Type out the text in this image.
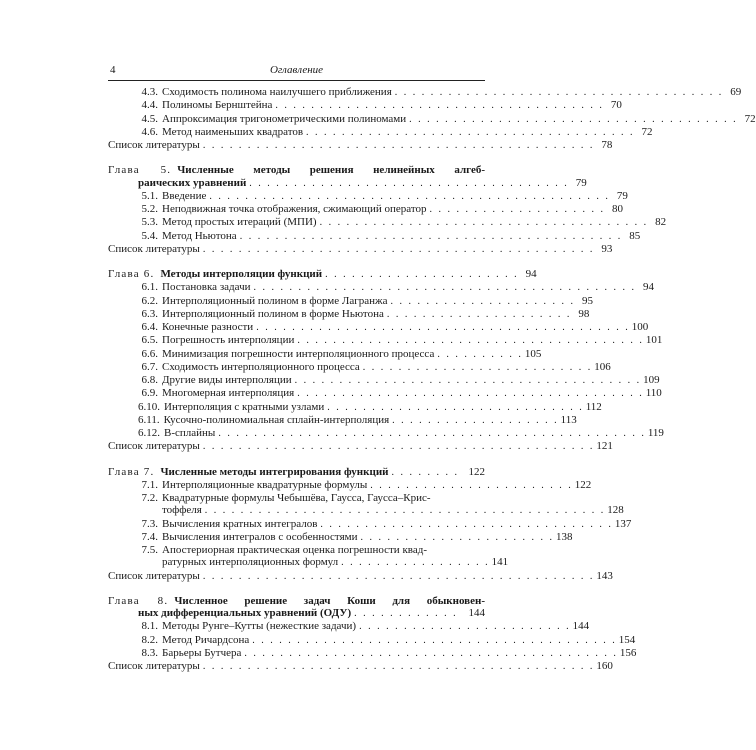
4	Оглавление
4.3. Сходимость полинома наилучшего приближения . . . . . . . . . . . . . . . . . . . . . . . . . . . . . . . . . . . . . 69
4.4. Полиномы Бернштейна . . . . . . . . . . . . . . . . . . . . . . . . . . . . . . . . . . . . . 70
4.5. Аппроксимация тригонометрическими полиномами . . . . . . . . . . . . . . . . . . . . . . . . . . . . . . . . . . . . . 72
4.6. Метод наименьших квадратов . . . . . . . . . . . . . . . . . . . . . . . . . . . . . . . . . . . . . 72
Список литературы . . . . . . . . . . . . . . . . . . . . . . . . . . . . . . . . . . . . . . . . . . . . 78
Глава 5. Численные методы решения нелинейных алгеб-
раических уравнений . . . . . . . . . . . . . . . . . . . . . . . . . . . . . . . . . . . . 79
5.1. Введение . . . . . . . . . . . . . . . . . . . . . . . . . . . . . . . . . . . . . . . . . . . . . 79
5.2. Неподвижная точка отображения, сжимающий оператор . . . . . . . . . . . . . . . . . . . . 80
5.3. Метод простых итераций (МПИ) . . . . . . . . . . . . . . . . . . . . . . . . . . . . . . . . . . . . . 82
5.4. Метод Ньютона . . . . . . . . . . . . . . . . . . . . . . . . . . . . . . . . . . . . . . . . . . . 85
Список литературы . . . . . . . . . . . . . . . . . . . . . . . . . . . . . . . . . . . . . . . . . . . . 93
Глава 6. Методы интерполяции функций . . . . . . . . . . . . . . . . . . . . . . 94
6.1. Постановка задачи . . . . . . . . . . . . . . . . . . . . . . . . . . . . . . . . . . . . . . . . . . . 94
6.2. Интерполяционный полином в форме Лагранжа . . . . . . . . . . . . . . . . . . . . . 95
6.3. Интерполяционный полином в форме Ньютона . . . . . . . . . . . . . . . . . . . . . 98
6.4. Конечные разности . . . . . . . . . . . . . . . . . . . . . . . . . . . . . . . . . . . . . . . . . . 100
6.5. Погрешность интерполяции . . . . . . . . . . . . . . . . . . . . . . . . . . . . . . . . . . . . . . . 101
6.6. Минимизация погрешности интерполяционного процесса . . . . . . . . . . 105
6.7. Сходимость интерполяционного процесса . . . . . . . . . . . . . . . . . . . . . . . . . . 106
6.8. Другие виды интерполяции . . . . . . . . . . . . . . . . . . . . . . . . . . . . . . . . . . . . . . . 109
6.9. Многомерная интерполяция . . . . . . . . . . . . . . . . . . . . . . . . . . . . . . . . . . . . . . . 110
6.10. Интерполяция с кратными узлами . . . . . . . . . . . . . . . . . . . . . . . . . . . . . 112
6.11. Кусочно-полиномиальная сплайн-интерполяция . . . . . . . . . . . . . . . . . . . 113
6.12. B-сплайны . . . . . . . . . . . . . . . . . . . . . . . . . . . . . . . . . . . . . . . . . . . . . . . . 119
Список литературы . . . . . . . . . . . . . . . . . . . . . . . . . . . . . . . . . . . . . . . . . . . . 121
Глава 7. Численные методы интегрирования функций . . . . . . . . 122
7.1. Интерполяционные квадратурные формулы . . . . . . . . . . . . . . . . . . . . . . . 122
7.2. Квадратурные формулы Чебышёва, Гаусса, Гаусса–Крис-
тоффеля . . . . . . . . . . . . . . . . . . . . . . . . . . . . . . . . . . . . . . . . . . . . . 128
7.3. Вычисления кратных интегралов . . . . . . . . . . . . . . . . . . . . . . . . . . . . . . . . . 137
7.4. Вычисления интегралов с особенностями . . . . . . . . . . . . . . . . . . . . . . 138
7.5. Апостериорная практическая оценка погрешности квад-
ратурных интерполяционных формул . . . . . . . . . . . . . . . . . 141
Список литературы . . . . . . . . . . . . . . . . . . . . . . . . . . . . . . . . . . . . . . . . . . . . 143
Глава 8. Численное решение задач Коши для обыкновен-
ных дифференциальных уравнений (ОДУ) . . . . . . . . . . . . 144
8.1. Методы Рунге–Кутты (нежесткие задачи) . . . . . . . . . . . . . . . . . . . . . . . . 144
8.2. Метод Ричардсона . . . . . . . . . . . . . . . . . . . . . . . . . . . . . . . . . . . . . . . . . 154
8.3. Барьеры Бутчера . . . . . . . . . . . . . . . . . . . . . . . . . . . . . . . . . . . . . . . . . . 156
Список литературы . . . . . . . . . . . . . . . . . . . . . . . . . . . . . . . . . . . . . . . . . . . . 160
